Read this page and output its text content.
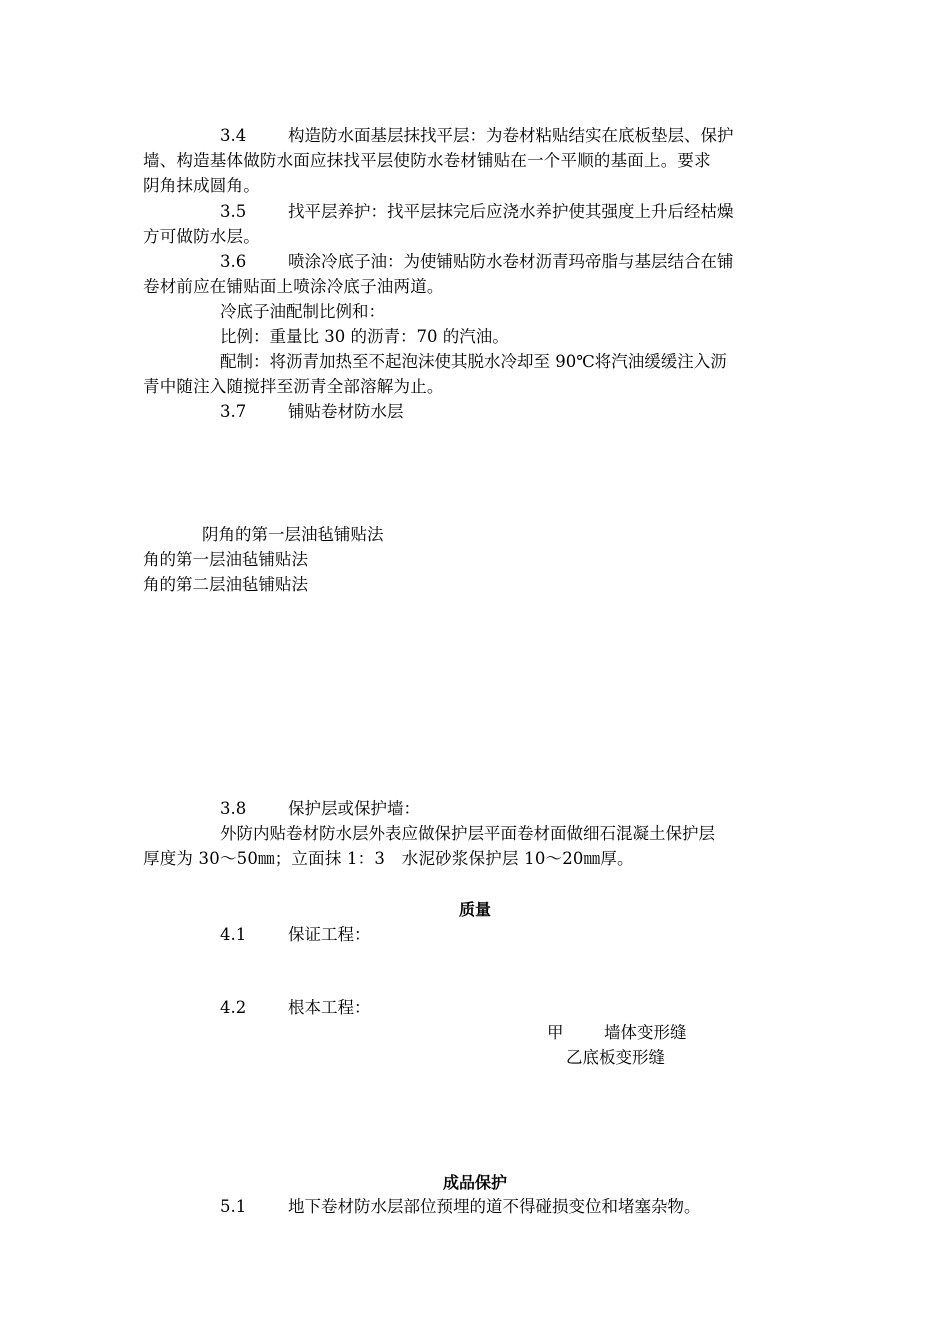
3.4	构造防水面基层抹找平层：为卷材粘贴结实在底板垫层、保护
墙、构造基体做防水面应抹找平层使防水卷材铺贴在一个平顺的基面上。要求
阴角抹成圆角。
3.5	找平层养护：找平层抹完后应浇水养护使其强度上升后经枯燥
方可做防水层。
3.6	喷涂冷底子油：为使铺贴防水卷材沥青玛帝脂与基层结合在铺
卷材前应在铺贴面上喷涂冷底子油两道。
冷底子油配制比例和：
比例：重量比 30 的沥青：70 的汽油。
配制：将沥青加热至不起泡沫使其脱水冷却至 90℃将汽油缓缓注入沥
青中随注入随搅拌至沥青全部溶解为止。
3.7	铺贴卷材防水层
阴角的第一层油毡铺贴法
角的第一层油毡铺贴法
角的第二层油毡铺贴法
3.8	保护层或保护墙：
外防内贴卷材防水层外表应做保护层平面卷材面做细石混凝土保护层
厚度为 30～50㎜；立面抹 1：3　水泥砂浆保护层 10～20㎜厚。
质量
4.1	保证工程：
4.2	根本工程：
甲 墙体变形缝
乙底板变形缝
成品保护
5.1	地下卷材防水层部位预埋的道不得碰损变位和堵塞杂物。
